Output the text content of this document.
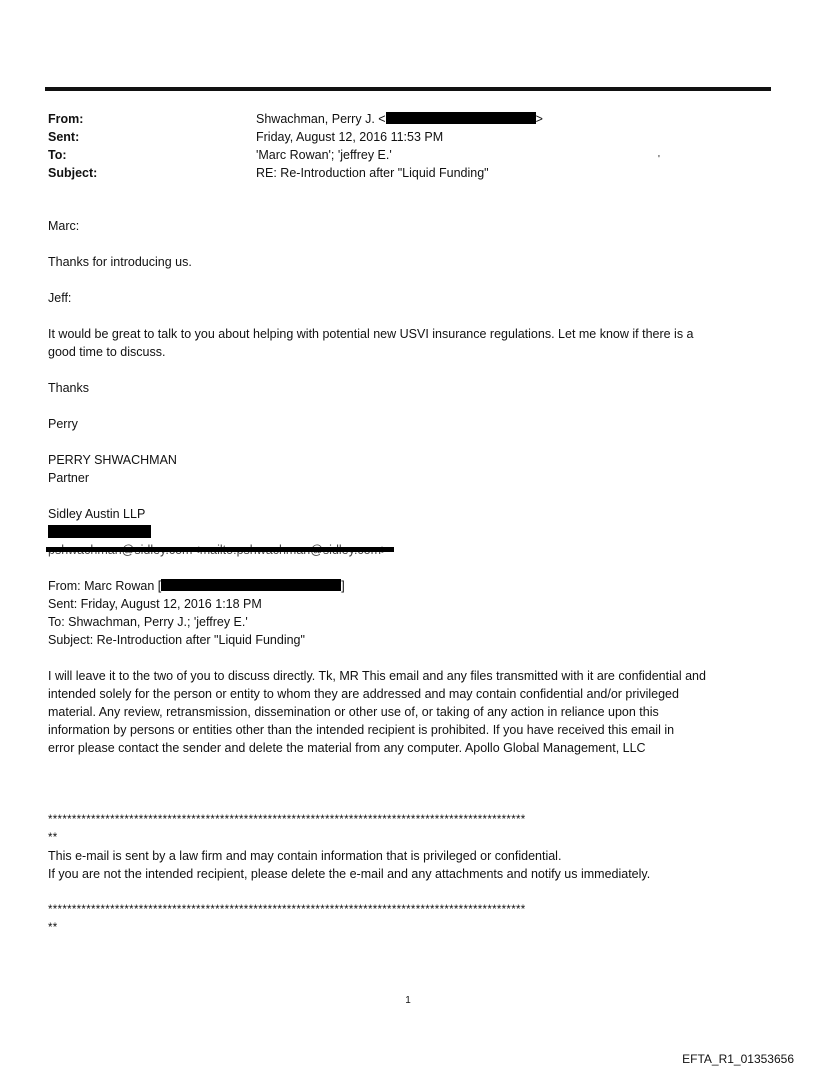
From:	Shwachman, Perry J. <	>
Sent:	Friday, August 12, 2016 11:53 PM
To:	'Marc Rowan'; 'jeffrey E.'
Subject:	RE: Re-Introduction after "Liquid Funding"
'

Marc:

Thanks for introducing us.

Jeff:

It would be great to talk to you about helping with potential new USVI insurance regulations. Let me know if there is a

good time to discuss.

Thanks

Perry

PERRY SHWACHMAN

Partner

Sidley Austin LLP

From: Marc Rowan [	]

Sent: Friday, August 12, 2016 1:18 PM

To: Shwachman, Perry J.; 'jeffrey E.'

Subject: Re-Introduction after "Liquid Funding"

I will leave it to the two of you to discuss directly. Tk, MR This email and any files transmitted with it are confidential and

intended solely for the person or entity to whom they are addressed and may contain confidential and/or privileged

material. Any review, retransmission, dissemination or other use of, or taking of any action in reliance upon this

information by persons or entities other than the intended recipient is prohibited. If you have received this email in

error please contact the sender and delete the material from any computer. Apollo Global Management, LLC

****************************************************************************************************

**

This e-mail is sent by a law firm and may contain information that is privileged or confidential.

If you are not the intended recipient, please delete the e-mail and any attachments and notify us immediately.

****************************************************************************************************

**

1
EFTA_R1_01353656
